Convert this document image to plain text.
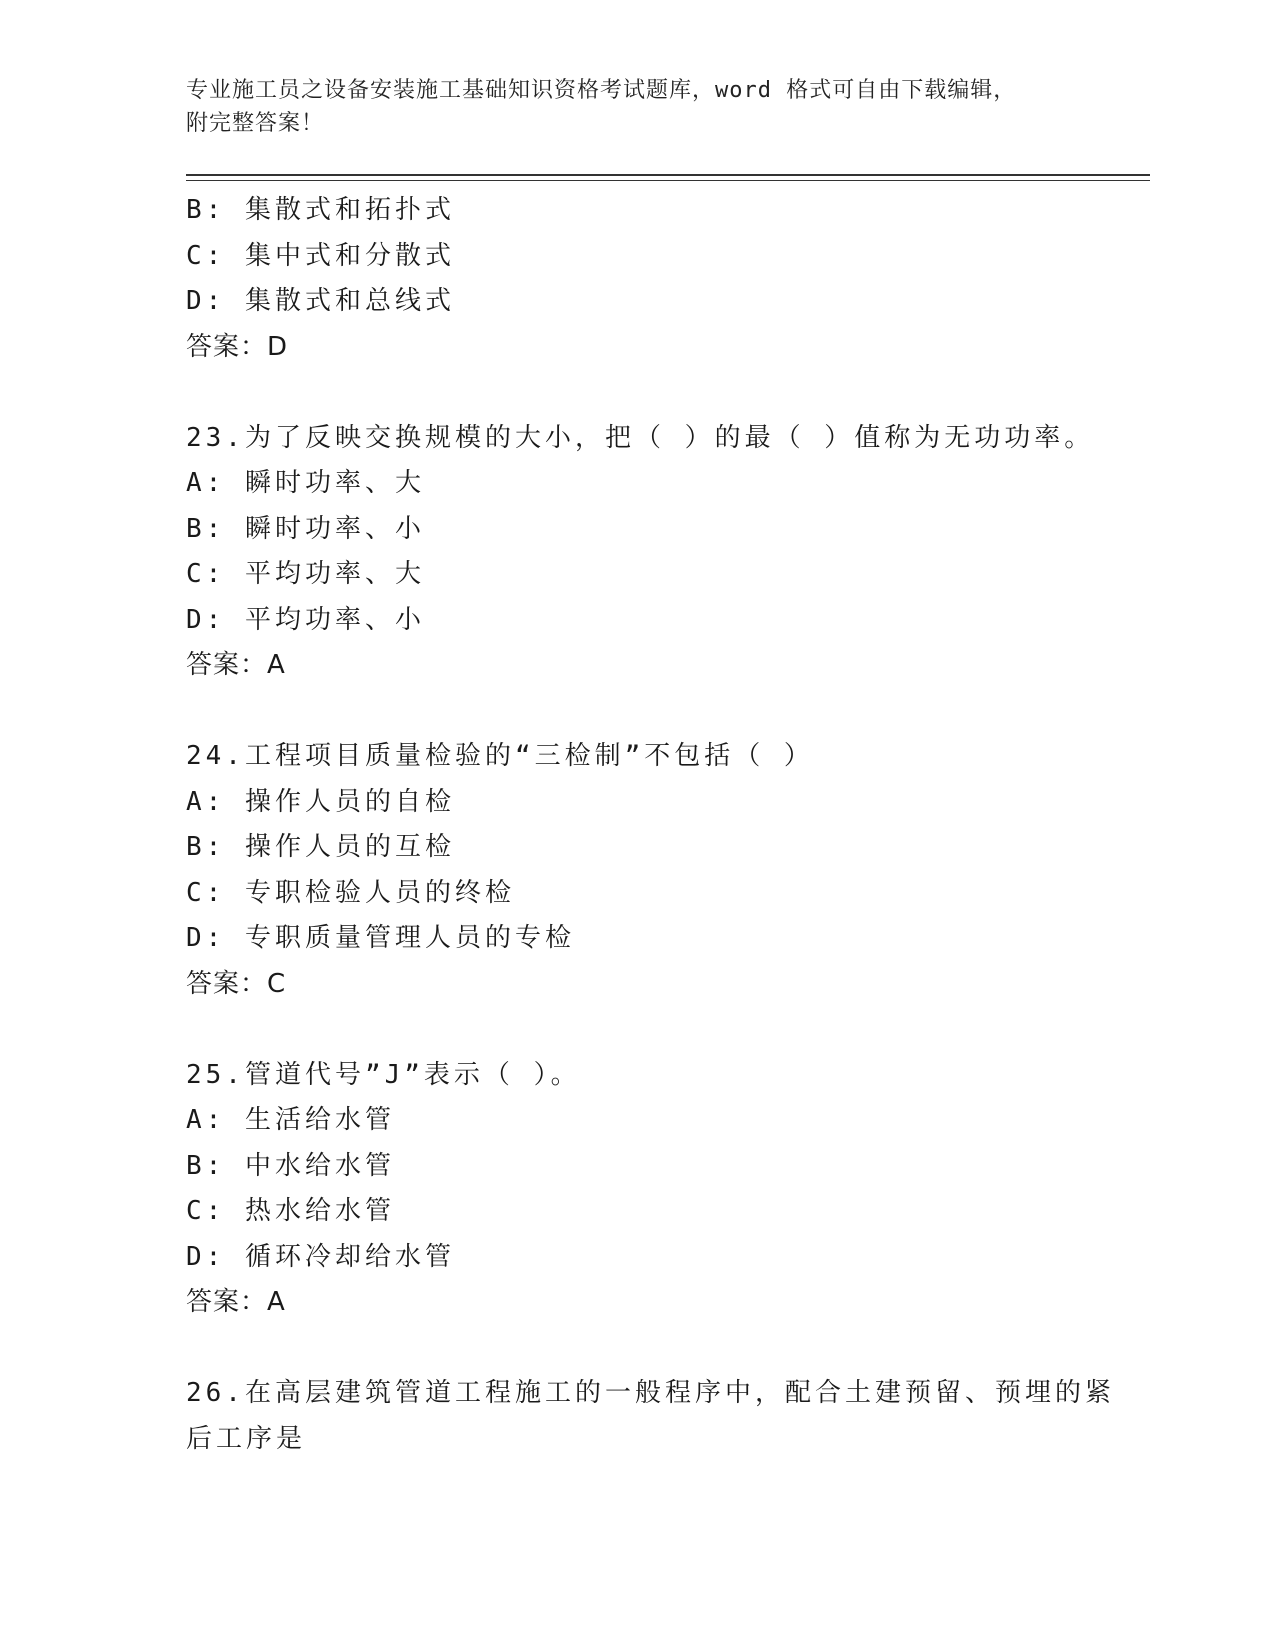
专业施工员之设备安装施工基础知识资格考试题库，word 格式可自由下载编辑，
附完整答案！
B: 集散式和拓扑式
C: 集中式和分散式
D: 集散式和总线式
答案：D
23.为了反映交换规模的大小，把（ ）的最（ ）值称为无功功率。
A: 瞬时功率、大
B: 瞬时功率、小
C: 平均功率、大
D: 平均功率、小
答案：A
24.工程项目质量检验的“三检制”不包括（ ）
A: 操作人员的自检
B: 操作人员的互检
C: 专职检验人员的终检
D: 专职质量管理人员的专检
答案：C
25.管道代号”J”表示（ ）。
A: 生活给水管
B: 中水给水管
C: 热水给水管
D: 循环冷却给水管
答案：A
26.在高层建筑管道工程施工的一般程序中，配合土建预留、预埋的紧
后工序是
